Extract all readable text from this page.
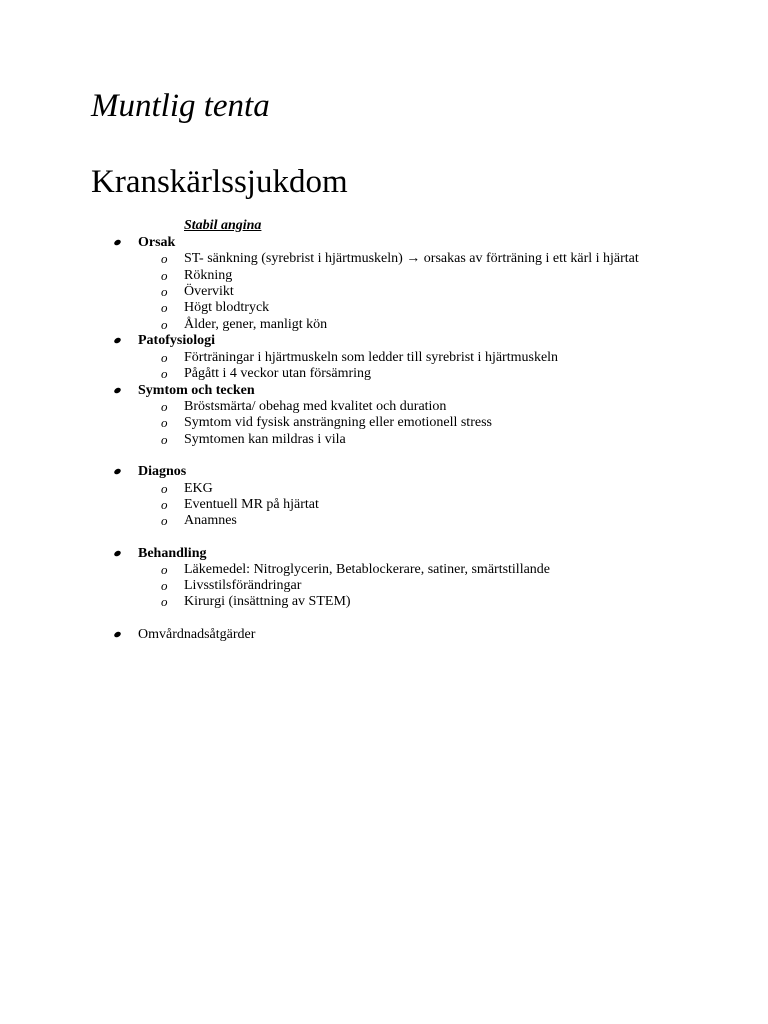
Muntlig tenta
Kranskärlssjukdom
Stabil angina
Orsak
o ST- sänkning (syrebrist i hjärtmuskeln) → orsakas av förträning i ett kärl i hjärtat
o Rökning
o Övervikt
o Högt blodtryck
o Ålder, gener, manligt kön
Patofysiologi
o Förträningar i hjärtmuskeln som ledder till syrebrist i hjärtmuskeln
o Pågått i 4 veckor utan försämring
Symtom och tecken
o Bröstsmärta/ obehag med kvalitet och duration
o Symtom vid fysisk ansträngning eller emotionell stress
o Symtomen kan mildras i vila
Diagnos
o EKG
o Eventuell MR på hjärtat
o Anamnes
Behandling
o Läkemedel: Nitroglycerin, Betablockerare, satiner, smärtstillande
o Livsstilsförändringar
o Kirurgi (insättning av STEM)
Omvårdnadsåtgärder
